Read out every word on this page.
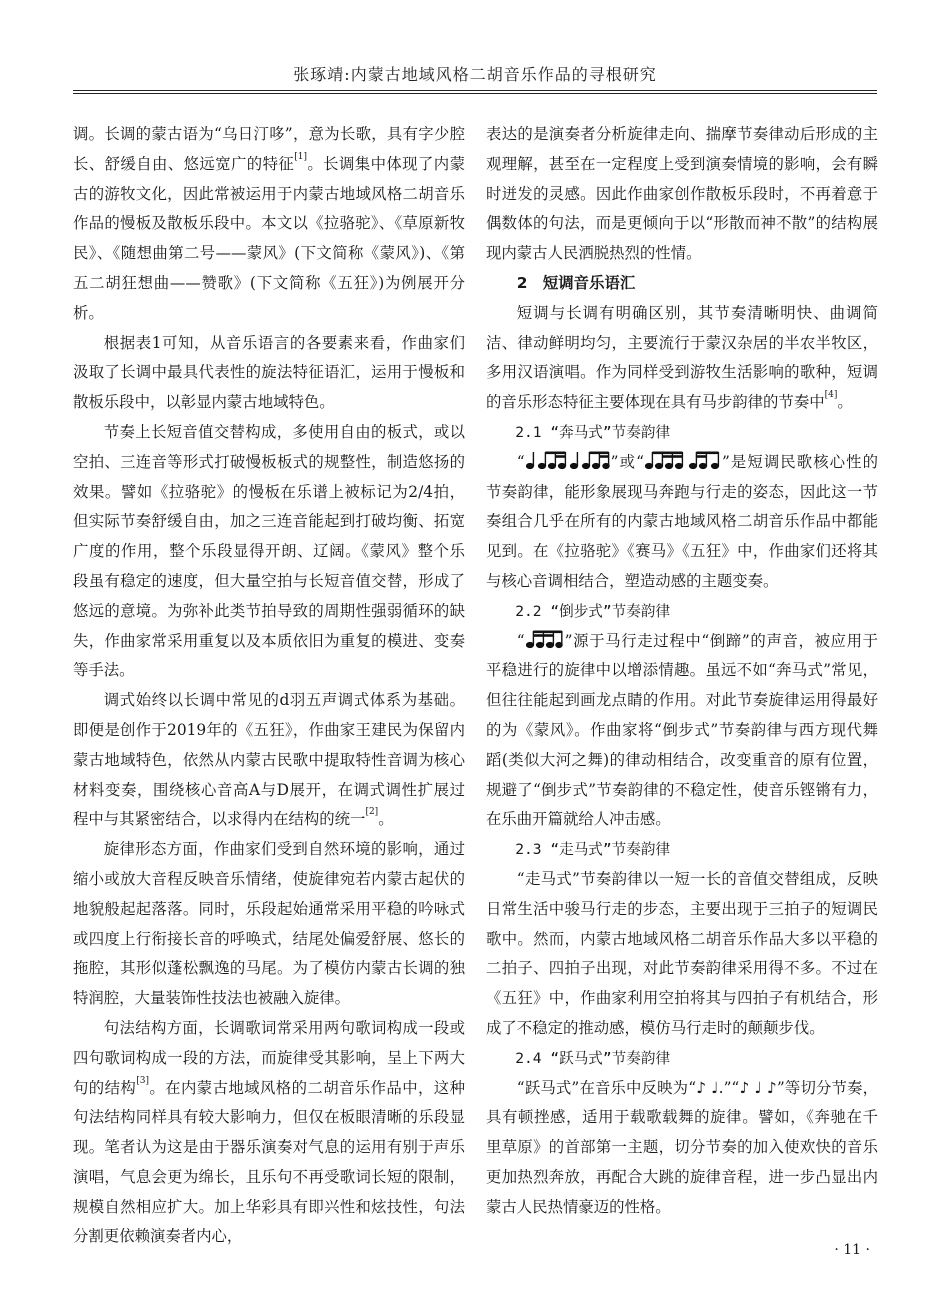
张琢靖:内蒙古地域风格二胡音乐作品的寻根研究

调。长调的蒙古语为“乌日汀哆”，意为长歌，具有字少腔长、舒缓自由、悠远宽广的特征[1]。长调集中体现了内蒙古的游牧文化，因此常被运用于内蒙古地域风格二胡音乐作品的慢板及散板乐段中。本文以《拉骆驼》、《草原新牧民》、《随想曲第二号——蒙风》(下文简称《蒙风》)、《第五二胡狂想曲——赞歌》(下文简称《五狂》)为例展开分析。

根据表1可知，从音乐语言的各要素来看，作曲家们汲取了长调中最具代表性的旋法特征语汇，运用于慢板和散板乐段中，以彰显内蒙古地域特色。

节奏上长短音值交替构成，多使用自由的板式，或以空拍、三连音等形式打破慢板板式的规整性，制造悠扬的效果。譬如《拉骆驼》的慢板在乐谱上被标记为2/4拍，但实际节奏舒缓自由，加之三连音能起到打破均衡、拓宽广度的作用，整个乐段显得开朗、辽阔。《蒙风》整个乐段虽有稳定的速度，但大量空拍与长短音值交替，形成了悠远的意境。为弥补此类节拍导致的周期性强弱循环的缺失，作曲家常采用重复以及本质依旧为重复的模进、变奏等手法。

调式始终以长调中常见的d羽五声调式体系为基础。即便是创作于2019年的《五狂》，作曲家王建民为保留内蒙古地域特色，依然从内蒙古民歌中提取特性音调为核心材料变奏，围绕核心音高A与D展开，在调式调性扩展过程中与其紧密结合，以求得内在结构的统一[2]。

旋律形态方面，作曲家们受到自然环境的影响，通过缩小或放大音程反映音乐情绪，使旋律宛若内蒙古起伏的地貌般起起落落。同时，乐段起始通常采用平稳的吟咏式或四度上行衔接长音的呼唤式，结尾处偏爱舒展、悠长的拖腔，其形似蓬松飘逸的马尾。为了模仿内蒙古长调的独特润腔，大量装饰性技法也被融入旋律。

句法结构方面，长调歌词常采用两句歌词构成一段或四句歌词构成一段的方法，而旋律受其影响，呈上下两大句的结构[3]。在内蒙古地域风格的二胡音乐作品中，这种句法结构同样具有较大影响力，但仅在板眼清晰的乐段显现。笔者认为这是由于器乐演奏对气息的运用有别于声乐演唱，气息会更为绵长，且乐句不再受歌词长短的限制，规模自然相应扩大。加上华彩具有即兴性和炫技性，句法分割更依赖演奏者内心，

表达的是演奏者分析旋律走向、揣摩节奏律动后形成的主观理解，甚至在一定程度上受到演奏情境的影响，会有瞬时迸发的灵感。因此作曲家创作散板乐段时，不再着意于偶数体的句法，而是更倾向于以“形散而神不散”的结构展现内蒙古人民洒脱热烈的性情。

2　短调音乐语汇

短调与长调有明确区别，其节奏清晰明快、曲调简洁、律动鲜明均匀，主要流行于蒙汉杂居的半农半牧区，多用汉语演唱。作为同样受到游牧生活影响的歌种，短调的音乐形态特征主要体现在具有马步韵律的节奏中[4]。

2.1 “奔马式”节奏韵律

“	”或“	”是短调民歌核心性的节奏韵律，能形象展现马奔跑与行走的姿态，因此这一节奏组合几乎在所有的内蒙古地域风格二胡音乐作品中都能见到。在《拉骆驼》《赛马》《五狂》中，作曲家们还将其与核心音调相结合，塑造动感的主题变奏。

2.2 “倒步式”节奏韵律

“	”源于马行走过程中“倒蹄”的声音，被应用于平稳进行的旋律中以增添情趣。虽远不如“奔马式”常见，但往往能起到画龙点睛的作用。对此节奏旋律运用得最好的为《蒙风》。作曲家将“倒步式”节奏韵律与西方现代舞蹈(类似大河之舞)的律动相结合，改变重音的原有位置，规避了“倒步式”节奏韵律的不稳定性，使音乐铿锵有力，在乐曲开篇就给人冲击感。

2.3 “走马式”节奏韵律

“走马式”节奏韵律以一短一长的音值交替组成，反映日常生活中骏马行走的步态，主要出现于三拍子的短调民歌中。然而，内蒙古地域风格二胡音乐作品大多以平稳的二拍子、四拍子出现，对此节奏韵律采用得不多。不过在《五狂》中，作曲家利用空拍将其与四拍子有机结合，形成了不稳定的推动感，模仿马行走时的颠颠步伐。

2.4 “跃马式”节奏韵律

“跃马式”在音乐中反映为“♪ ♩.”“♪ ♩ ♪”等切分节奏，具有顿挫感，适用于载歌载舞的旋律。譬如，《奔驰在千里草原》的首部第一主题，切分节奏的加入使欢快的音乐更加热烈奔放，再配合大跳的旋律音程，进一步凸显出内蒙古人民热情豪迈的性格。

· 11 ·
